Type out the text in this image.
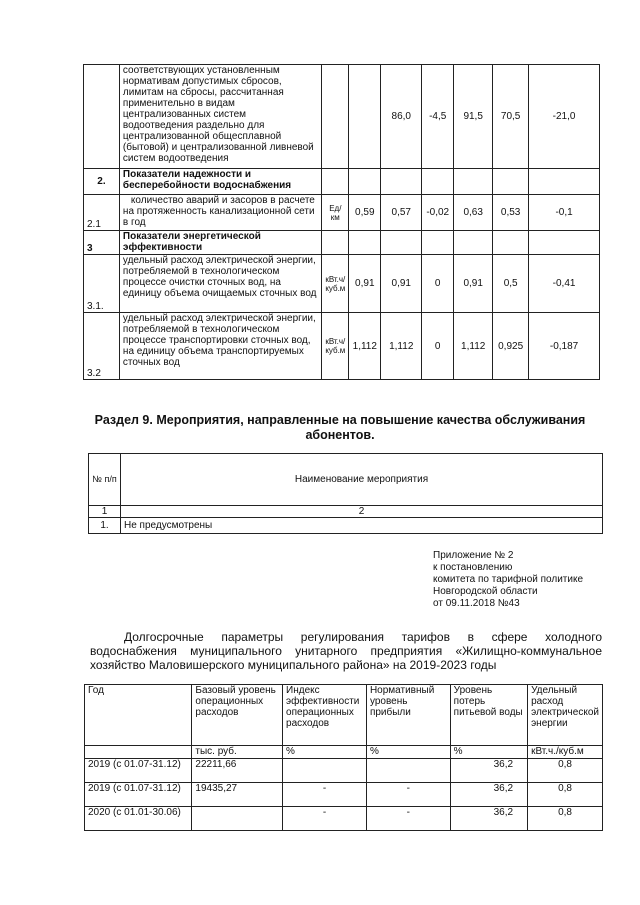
	соответствующих установленным нормативам допустимых сбросов, лимитам на сбросы, рассчитанная применительно в видам централизованных систем водоотведения раздельно для централизованной общесплавной (бытовой) и централизованной ливневой систем водоотведения			86,0	-4,5	91,5	70,5	-21,0
2.	Показатели надежности и бесперебойности водоснабжения							
2.1	количество аварий и засоров в расчете на протяженность канализационной сети в год	Ед/км	0,59	0,57	-0,02	0,63	0,53	-0,1
3	Показатели энергетической эффективности							
3.1.	удельный расход электрической энергии, потребляемой в технологическом процессе очистки сточных вод, на единицу объема очищаемых сточных вод	кВт.ч/куб.м	0,91	0,91	0	0,91	0,5	-0,41
3.2	удельный расход электрической энергии, потребляемой в технологическом процессе транспортировки сточных вод, на единицу объема транспортируемых сточных вод	кВт.ч/куб.м	1,112	1,112	0	1,112	0,925	-0,187
Раздел 9. Мероприятия, направленные на повышение качества обслуживания абонентов.
№ п/п	Наименование мероприятия
1	2
1.	Не предусмотрены
Приложение № 2
к постановлению
комитета по тарифной политике
Новгородской области
от 09.11.2018 №43
Долгосрочные параметры регулирования тарифов в сфере холодного
водоснабжения муниципального унитарного предприятия «Жилищно-коммунальное
хозяйство Маловишерского муниципального района» на 2019-2023 годы
Год	Базовый уровень операционных расходов	Индекс эффективности операционных расходов	Нормативный уровень прибыли	Уровень потерь питьевой воды	Удельный расход электрической энергии
	тыс. руб.	%	%	%	кВт.ч./куб.м
2019 (с 01.07-31.12)	22211,66			36,2	0,8
2019 (с 01.07-31.12)	19435,27	-	-	36,2	0,8
2020 (с 01.01-30.06)		-	-	36,2	0,8
